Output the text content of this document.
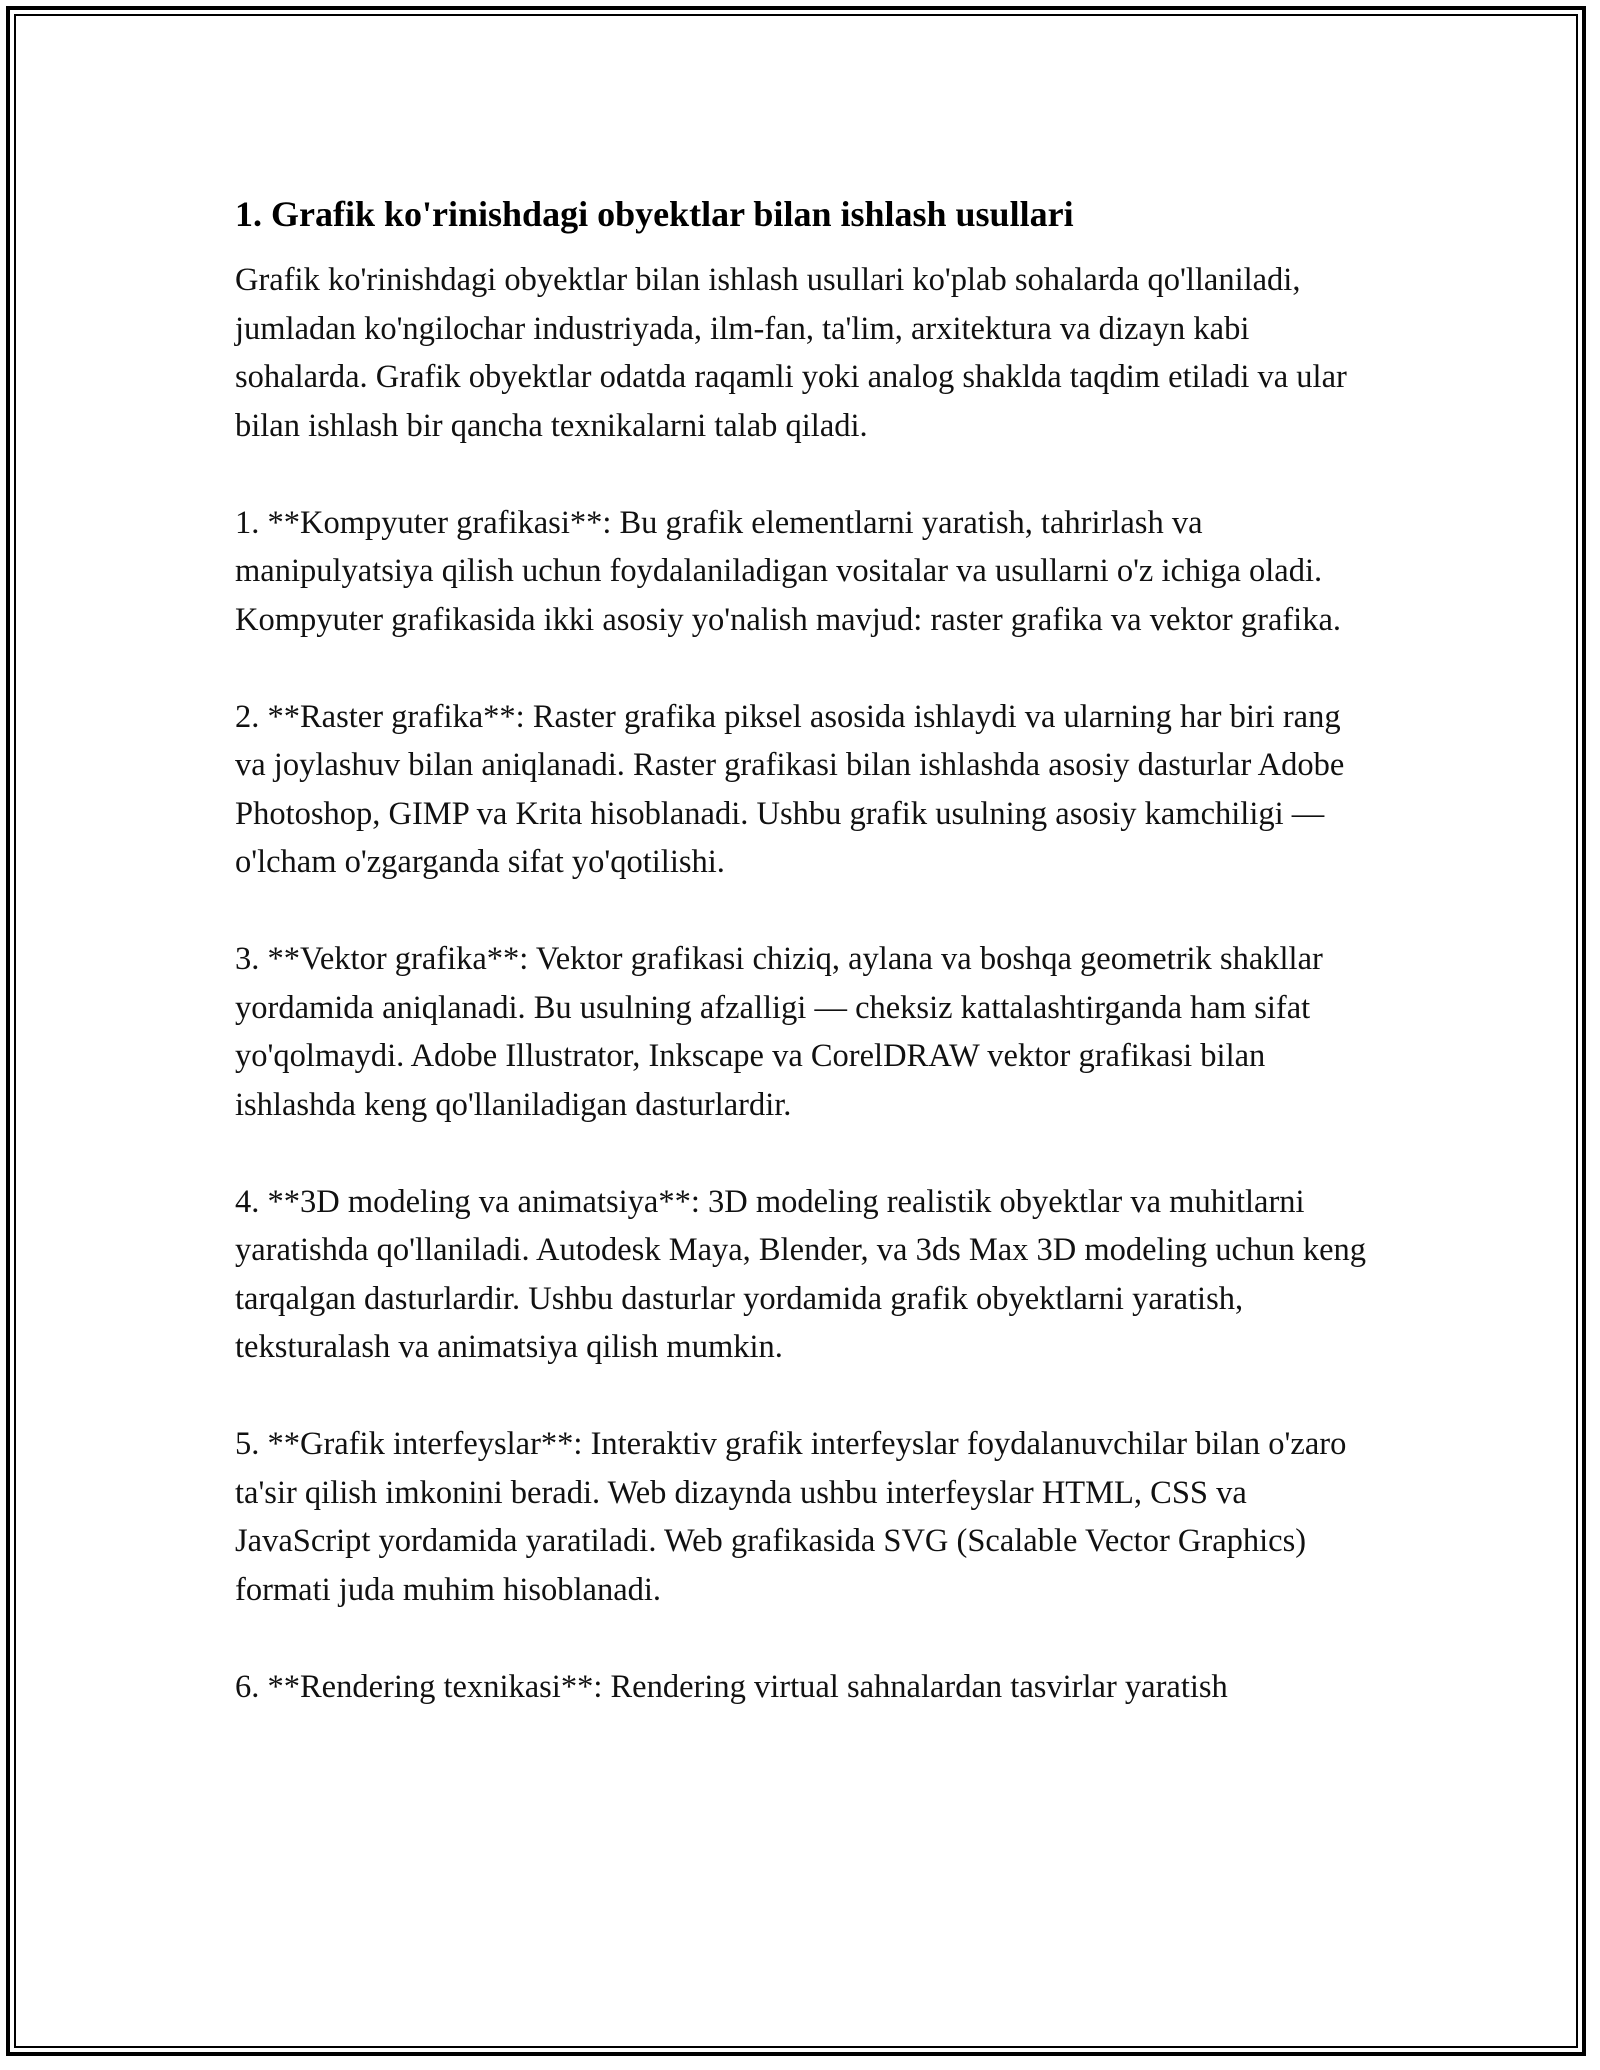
1. Grafik ko'rinishdagi obyektlar bilan ishlash usullari

Grafik ko'rinishdagi obyektlar bilan ishlash usullari ko'plab sohalarda qo'llaniladi, jumladan ko'ngilochar industriyada, ilm-fan, ta'lim, arxitektura va dizayn kabi sohalarda. Grafik obyektlar odatda raqamli yoki analog shaklda taqdim etiladi va ular bilan ishlash bir qancha texnikalarni talab qiladi.

1. **Kompyuter grafikasi**: Bu grafik elementlarni yaratish, tahrirlash va manipulyatsiya qilish uchun foydalaniladigan vositalar va usullarni o'z ichiga oladi. Kompyuter grafikasida ikki asosiy yo'nalish mavjud: raster grafika va vektor grafika.

2. **Raster grafika**: Raster grafika piksel asosida ishlaydi va ularning har biri rang va joylashuv bilan aniqlanadi. Raster grafikasi bilan ishlashda asosiy dasturlar Adobe Photoshop, GIMP va Krita hisoblanadi. Ushbu grafik usulning asosiy kamchiligi — o'lcham o'zgarganda sifat yo'qotilishi.

3. **Vektor grafika**: Vektor grafikasi chiziq, aylana va boshqa geometrik shakllar yordamida aniqlanadi. Bu usulning afzalligi — cheksiz kattalashtirganda ham sifat yo'qolmaydi. Adobe Illustrator, Inkscape va CorelDRAW vektor grafikasi bilan ishlashda keng qo'llaniladigan dasturlardir.

4. **3D modeling va animatsiya**: 3D modeling realistik obyektlar va muhitlarni yaratishda qo'llaniladi. Autodesk Maya, Blender, va 3ds Max 3D modeling uchun keng tarqalgan dasturlardir. Ushbu dasturlar yordamida grafik obyektlarni yaratish, teksturalash va animatsiya qilish mumkin.

5. **Grafik interfeyslar**: Interaktiv grafik interfeyslar foydalanuvchilar bilan o'zaro ta'sir qilish imkonini beradi. Web dizaynda ushbu interfeyslar HTML, CSS va JavaScript yordamida yaratiladi. Web grafikasida SVG (Scalable Vector Graphics) formati juda muhim hisoblanadi.

6. **Rendering texnikasi**: Rendering virtual sahnalardan tasvirlar yaratish
